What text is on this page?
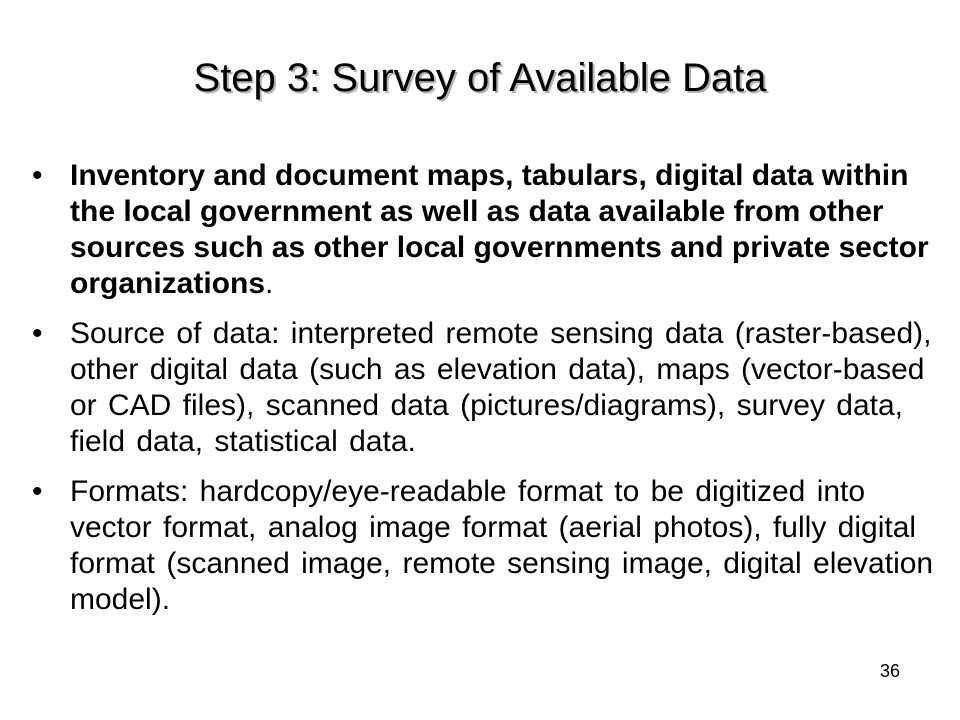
Step 3: Survey of Available Data
• Inventory and document maps, tabulars, digital data within the local government as well as data available from other sources such as other local governments and private sector organizations.
• Source of data: interpreted remote sensing data (raster-based), other digital data (such as elevation data), maps (vector-based or CAD files), scanned data (pictures/diagrams), survey data, field data, statistical data.
• Formats: hardcopy/eye-readable format to be digitized into vector format, analog image format (aerial photos), fully digital format (scanned image, remote sensing image, digital elevation model).
36
